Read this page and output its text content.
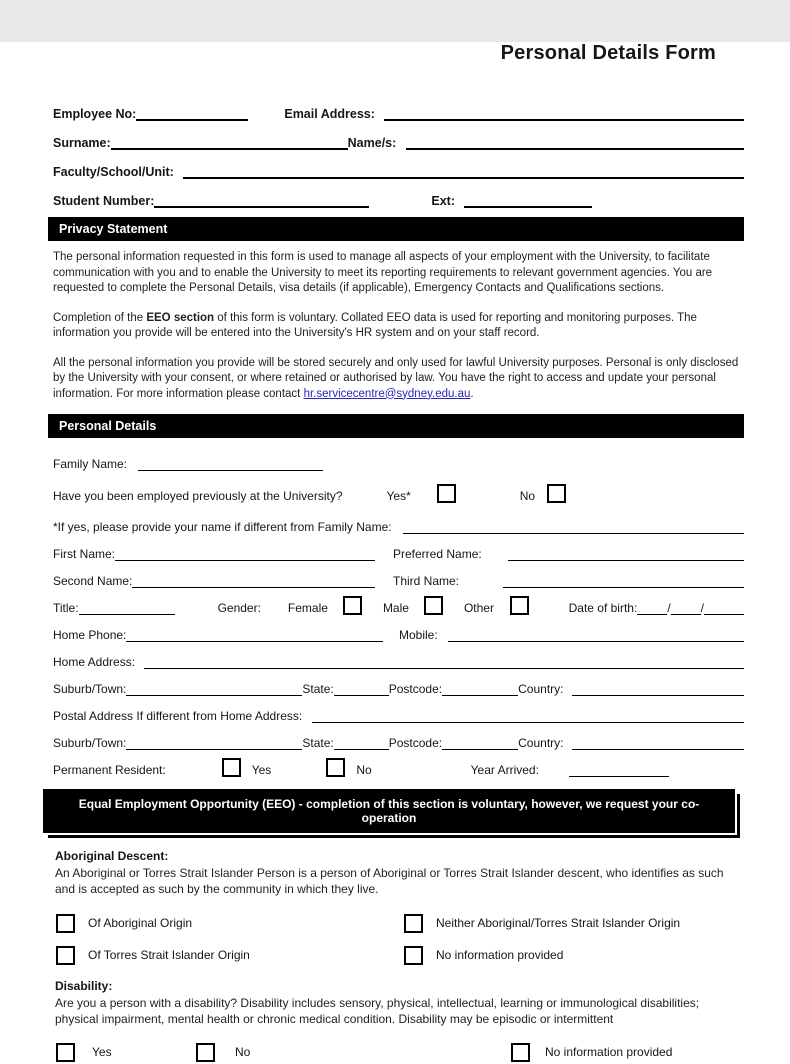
Personal Details Form
Employee No:	Email Address:
Surname:	Name/s:
Faculty/School/Unit:
Student Number:	Ext:
Privacy Statement

The personal information requested in this form is used to manage all aspects of your employment with the University, to facilitate communication with you and to enable the University to meet its reporting requirements to relevant government agencies. You are requested to complete the Personal Details, visa details (if applicable), Emergency Contacts and Qualifications sections.

Completion of the EEO section of this form is voluntary. Collated EEO data is used for reporting and monitoring purposes. The information you provide will be entered into the University's HR system and on your staff record.

All the personal information you provide will be stored securely and only used for lawful University purposes. Personal is only disclosed by the University with your consent, or where retained or authorised by law. You have the right to access and update your personal information. For more information please contact hr.servicecentre@sydney.edu.au.

Personal Details
Family Name:
Have you been employed previously at the University?	Yes*	No
*If yes, please provide your name if different from Family Name:
First Name:	Preferred Name:
Second Name:	Third Name:
Title:	Gender: Female	Male	Other	Date of birth:	/	/
Home Phone:	Mobile:
Home Address:
Suburb/Town:	State:	Postcode:	Country:
Postal Address If different from Home Address:
Suburb/Town:	State:	Postcode:	Country:
Permanent Resident:	Yes	No	Year Arrived:
Equal Employment Opportunity (EEO) - completion of this section is voluntary, however, we request your co-operation
Aboriginal Descent:
An Aboriginal or Torres Strait Islander Person is a person of Aboriginal or Torres Strait Islander descent, who identifies as such and is accepted as such by the community in which they live.
Of Aboriginal Origin	Neither Aboriginal/Torres Strait Islander Origin
Of Torres Strait Islander Origin	No information provided
Disability:
Are you a person with a disability? Disability includes sensory, physical, intellectual, learning or immunological disabilities; physical impairment, mental health or chronic medical condition. Disability may be episodic or intermittent
Yes	No	No information provided
